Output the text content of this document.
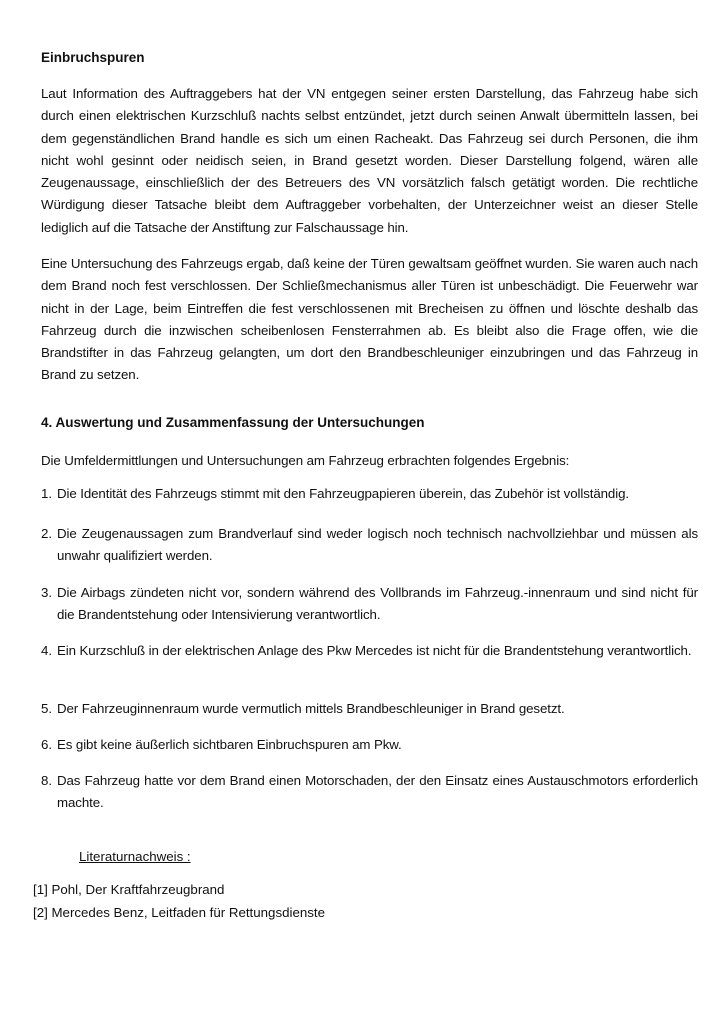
Einbruchspuren
Laut Information des Auftraggebers hat der VN entgegen seiner ersten Darstellung, das Fahrzeug habe sich durch einen elektrischen Kurzschluß nachts selbst entzündet, jetzt durch seinen Anwalt übermitteln lassen, bei dem gegenständlichen Brand handle es sich um einen Racheakt. Das Fahrzeug sei durch Personen, die ihm nicht wohl gesinnt oder neidisch seien, in Brand gesetzt worden. Dieser Darstellung folgend, wären alle Zeugenaussage, einschließlich der des Betreuers des VN vorsätzlich falsch getätigt worden. Die rechtliche Würdigung dieser Tatsache bleibt dem Auftraggeber vorbehalten, der Unterzeichner weist an dieser Stelle lediglich auf die Tatsache der Anstiftung zur Falschaussage hin.
Eine Untersuchung des Fahrzeugs ergab, daß keine der Türen gewaltsam geöffnet wurden. Sie waren auch nach dem Brand noch fest verschlossen. Der Schließmechanismus aller Türen ist unbeschädigt. Die Feuerwehr war nicht in der Lage, beim Eintreffen die fest verschlossenen mit Brecheisen zu öffnen und löschte deshalb das Fahrzeug durch die inzwischen scheibenlosen Fensterrahmen ab. Es bleibt also die Frage offen, wie die Brandstifter in das Fahrzeug gelangten, um dort den Brandbeschleuniger einzubringen und das Fahrzeug in Brand zu setzen.
4. Auswertung und Zusammenfassung der Untersuchungen
Die Umfeldermittlungen und Untersuchungen am Fahrzeug erbrachten folgendes Ergebnis:
1. Die Identität des Fahrzeugs stimmt mit den Fahrzeugpapieren überein, das Zubehör ist vollständig.
2. Die Zeugenaussagen zum Brandverlauf sind weder logisch noch technisch nachvollziehbar und müssen als unwahr qualifiziert werden.
3. Die Airbags zündeten nicht vor, sondern während des Vollbrands im Fahrzeug.-innenraum und sind nicht für die Brandentstehung oder Intensivierung verantwortlich.
4. Ein Kurzschluß in der elektrischen Anlage des Pkw Mercedes ist nicht für die Brandentstehung verantwortlich.
5. Der Fahrzeuginnenraum wurde vermutlich mittels Brandbeschleuniger in Brand gesetzt.
6. Es gibt keine äußerlich sichtbaren Einbruchspuren am Pkw.
8. Das Fahrzeug hatte vor dem Brand einen Motorschaden, der den Einsatz eines Austauschmotors erforderlich machte.
Literaturnachweis :
[1] Pohl, Der Kraftfahrzeugbrand
[2] Mercedes Benz, Leitfaden für Rettungsdienste
